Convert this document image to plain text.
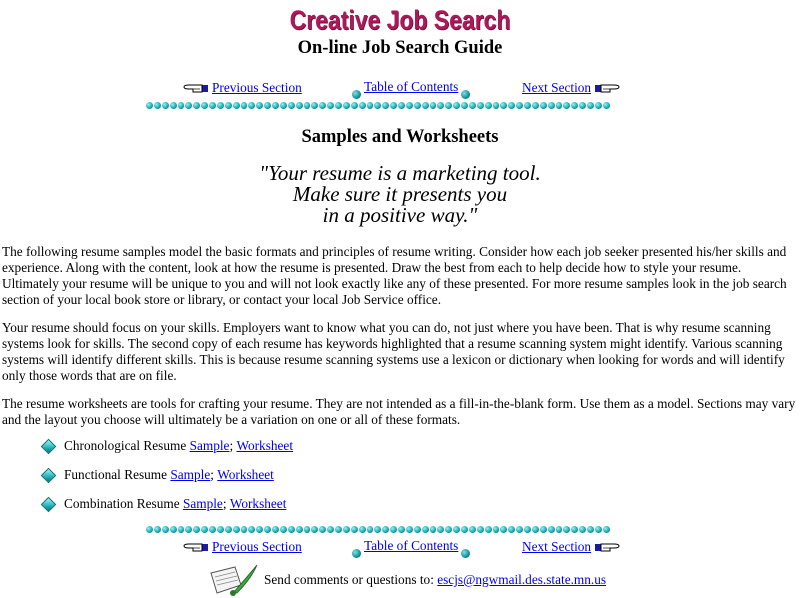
Creative Job Search
On-line Job Search Guide
Previous Section	Table of Contents	Next Section
Samples and Worksheets
"Your resume is a marketing tool.
Make sure it presents you
in a positive way."

The following resume samples model the basic formats and principles of resume writing. Consider how each job seeker presented his/her skills and experience. Along with the content, look at how the resume is presented. Draw the best from each to help decide how to style your resume. Ultimately your resume will be unique to you and will not look exactly like any of these presented. For more resume samples look in the job search section of your local book store or library, or contact your local Job Service office.

Your resume should focus on your skills. Employers want to know what you can do, not just where you have been. That is why resume scanning systems look for skills. The second copy of each resume has keywords highlighted that a resume scanning system might identify. Various scanning systems will identify different skills. This is because resume scanning systems use a lexicon or dictionary when looking for words and will identify only those words that are on file.

The resume worksheets are tools for crafting your resume. They are not intended as a fill-in-the-blank form. Use them as a model. Sections may vary and the layout you choose will ultimately be a variation on one or all of these formats.

Chronological Resume
Sample ;
Worksheet
Functional Resume
Sample ;
Worksheet
Combination Resume
Sample ;
Worksheet
Previous Section	Table of Contents	Next Section
Send comments or questions to: escjs@ngwmail.des.state.mn.us
